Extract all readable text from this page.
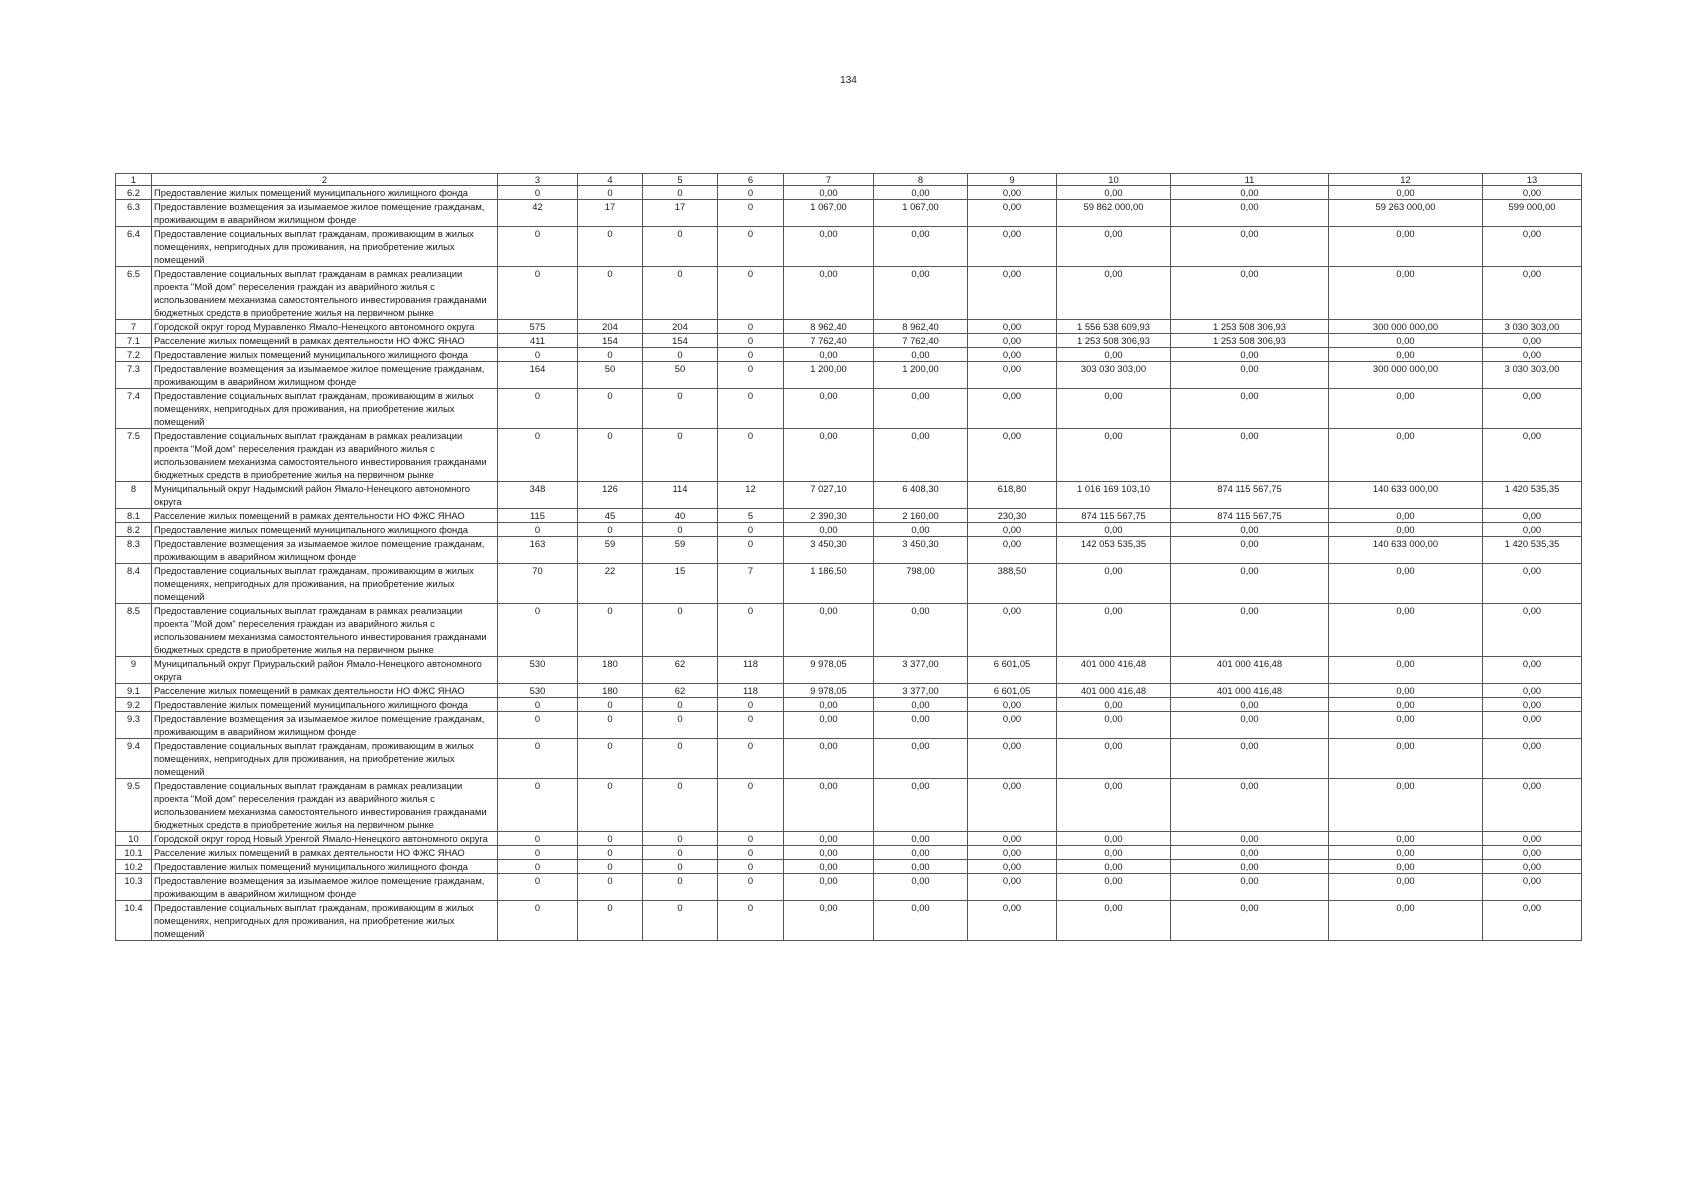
134
1	2	3	4	5	6	7	8	9	10	11	12	13
6.2	Предоставление жилых помещений муниципального жилищного фонда	0	0	0	0	0,00	0,00	0,00	0,00	0,00	0,00	0,00
6.3	Предоставление возмещения за изымаемое жилое помещение гражданам, проживающим в аварийном жилищном фонде	42	17	17	0	1 067,00	1 067,00	0,00	59 862 000,00	0,00	59 263 000,00	599 000,00
6.4	Предоставление социальных выплат гражданам, проживающим в жилых помещениях, непригодных для проживания, на приобретение жилых помещений	0	0	0	0	0,00	0,00	0,00	0,00	0,00	0,00	0,00
6.5	Предоставление социальных выплат гражданам в рамках реализации проекта "Мой дом" переселения граждан из аварийного жилья с использованием механизма самостоятельного инвестирования гражданами бюджетных средств в приобретение жилья на первичном рынке	0	0	0	0	0,00	0,00	0,00	0,00	0,00	0,00	0,00
7	Городской округ город Муравленко Ямало-Ненецкого автономного округа	575	204	204	0	8 962,40	8 962,40	0,00	1 556 538 609,93	1 253 508 306,93	300 000 000,00	3 030 303,00
7.1	Расселение жилых помещений в рамках деятельности НО ФЖС ЯНАО	411	154	154	0	7 762,40	7 762,40	0,00	1 253 508 306,93	1 253 508 306,93	0,00	0,00
7.2	Предоставление жилых помещений муниципального жилищного фонда	0	0	0	0	0,00	0,00	0,00	0,00	0,00	0,00	0,00
7.3	Предоставление возмещения за изымаемое жилое помещение гражданам, проживающим в аварийном жилищном фонде	164	50	50	0	1 200,00	1 200,00	0,00	303 030 303,00	0,00	300 000 000,00	3 030 303,00
7.4	Предоставление социальных выплат гражданам, проживающим в жилых помещениях, непригодных для проживания, на приобретение жилых помещений	0	0	0	0	0,00	0,00	0,00	0,00	0,00	0,00	0,00
7.5	Предоставление социальных выплат гражданам в рамках реализации проекта "Мой дом" переселения граждан из аварийного жилья с использованием механизма самостоятельного инвестирования гражданами бюджетных средств в приобретение жилья на первичном рынке	0	0	0	0	0,00	0,00	0,00	0,00	0,00	0,00	0,00
8	Муниципальный округ Надымский район Ямало-Ненецкого автономного округа	348	126	114	12	7 027,10	6 408,30	618,80	1 016 169 103,10	874 115 567,75	140 633 000,00	1 420 535,35
8.1	Расселение жилых помещений в рамках деятельности НО ФЖС ЯНАО	115	45	40	5	2 390,30	2 160,00	230,30	874 115 567,75	874 115 567,75	0,00	0,00
8.2	Предоставление жилых помещений муниципального жилищного фонда	0	0	0	0	0,00	0,00	0,00	0,00	0,00	0,00	0,00
8.3	Предоставление возмещения за изымаемое жилое помещение гражданам, проживающим в аварийном жилищном фонде	163	59	59	0	3 450,30	3 450,30	0,00	142 053 535,35	0,00	140 633 000,00	1 420 535,35
8.4	Предоставление социальных выплат гражданам, проживающим в жилых помещениях, непригодных для проживания, на приобретение жилых помещений	70	22	15	7	1 186,50	798,00	388,50	0,00	0,00	0,00	0,00
8.5	Предоставление социальных выплат гражданам в рамках реализации проекта "Мой дом" переселения граждан из аварийного жилья с использованием механизма самостоятельного инвестирования гражданами бюджетных средств в приобретение жилья на первичном рынке	0	0	0	0	0,00	0,00	0,00	0,00	0,00	0,00	0,00
9	Муниципальный округ Приуральский район Ямало-Ненецкого автономного округа	530	180	62	118	9 978,05	3 377,00	6 601,05	401 000 416,48	401 000 416,48	0,00	0,00
9.1	Расселение жилых помещений в рамках деятельности НО ФЖС ЯНАО	530	180	62	118	9 978,05	3 377,00	6 601,05	401 000 416,48	401 000 416,48	0,00	0,00
9.2	Предоставление жилых помещений муниципального жилищного фонда	0	0	0	0	0,00	0,00	0,00	0,00	0,00	0,00	0,00
9.3	Предоставление возмещения за изымаемое жилое помещение гражданам, проживающим в аварийном жилищном фонде	0	0	0	0	0,00	0,00	0,00	0,00	0,00	0,00	0,00
9.4	Предоставление социальных выплат гражданам, проживающим в жилых помещениях, непригодных для проживания, на приобретение жилых помещений	0	0	0	0	0,00	0,00	0,00	0,00	0,00	0,00	0,00
9.5	Предоставление социальных выплат гражданам в рамках реализации проекта "Мой дом" переселения граждан из аварийного жилья с использованием механизма самостоятельного инвестирования гражданами бюджетных средств в приобретение жилья на первичном рынке	0	0	0	0	0,00	0,00	0,00	0,00	0,00	0,00	0,00
10	Городской округ город Новый Уренгой Ямало-Ненецкого автономного округа	0	0	0	0	0,00	0,00	0,00	0,00	0,00	0,00	0,00
10.1	Расселение жилых помещений в рамках деятельности НО ФЖС ЯНАО	0	0	0	0	0,00	0,00	0,00	0,00	0,00	0,00	0,00
10.2	Предоставление жилых помещений муниципального жилищного фонда	0	0	0	0	0,00	0,00	0,00	0,00	0,00	0,00	0,00
10.3	Предоставление возмещения за изымаемое жилое помещение гражданам, проживающим в аварийном жилищном фонде	0	0	0	0	0,00	0,00	0,00	0,00	0,00	0,00	0,00
10.4	Предоставление социальных выплат гражданам, проживающим в жилых помещениях, непригодных для проживания, на приобретение жилых помещений	0	0	0	0	0,00	0,00	0,00	0,00	0,00	0,00	0,00
